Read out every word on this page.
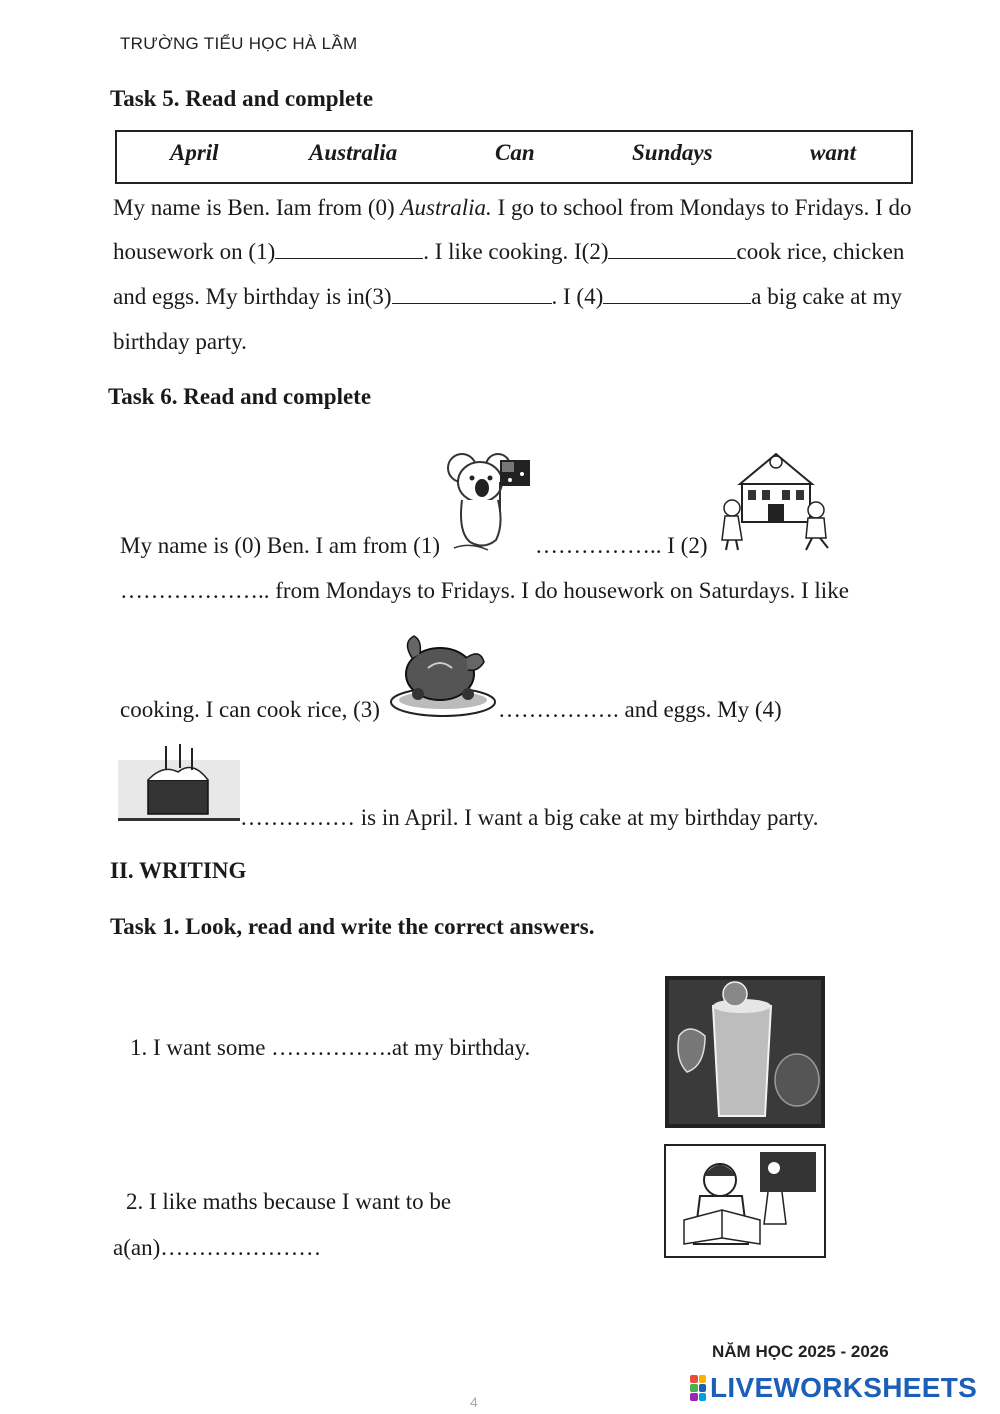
TRƯỜNG TIỂU HỌC HÀ LẦM
Task 5. Read and complete
April	Australia	Can	Sundays	want
My name is Ben. Iam from (0) Australia. I go to school from Mondays to Fridays. I do
housework on (1)	. I like cooking. I(2)	cook rice, chicken
and eggs. My birthday is in(3)	. I (4)	a big cake at my
birthday party.
Task 6. Read and complete
My name is (0) Ben. I am from (1)	…………….. I (2)
……………….. from Mondays to Fridays. I do housework on Saturdays. I like
cooking. I can cook rice, (3)	……………. and eggs. My (4)
…………… is in April. I want a big cake at my birthday party.
II. WRITING
Task 1. Look, read and write the correct answers.
1. I want some …………….at my birthday.
2. I like maths because I want to be
a(an)…………………
NĂM HỌC 2025 - 2026
4	LIVEWORKSHEETS
